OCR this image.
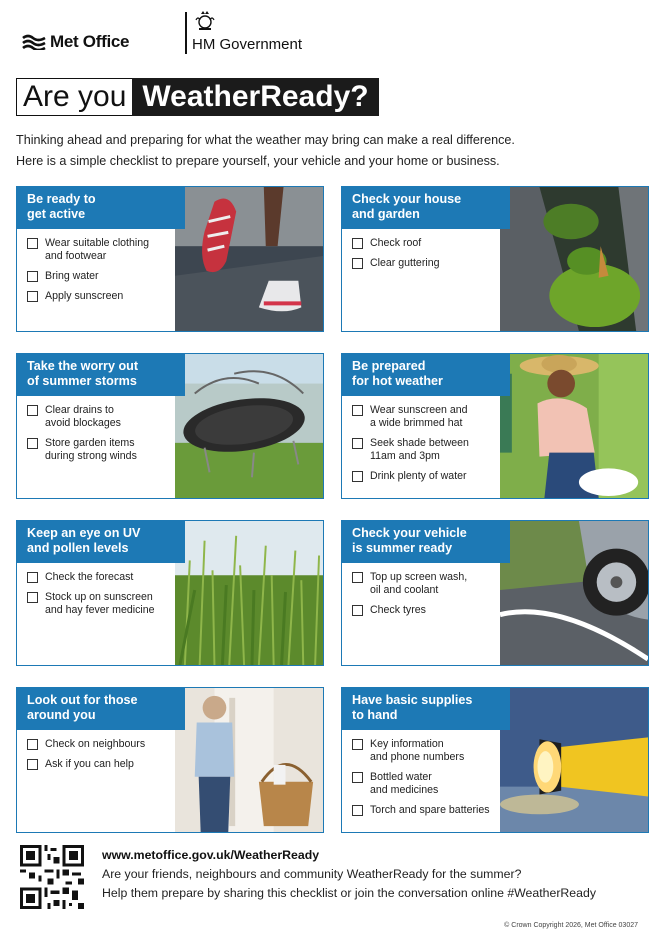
Met Office	HM Government
Are you WeatherReady?
Thinking ahead and preparing for what the weather may bring can make a real difference.
Here is a simple checklist to prepare yourself, your vehicle and your home or business.
Be ready to
get active
Wear suitable clothing
and footwear
Bring water
Apply sunscreen
Check your house
and garden
Check roof
Clear guttering
Take the worry out
of summer storms
Clear drains to
avoid blockages
Store garden items
during strong winds
Be prepared
for hot weather
Wear sunscreen and
a wide brimmed hat
Seek shade between
11am and 3pm
Drink plenty of water
Keep an eye on UV
and pollen levels
Check the forecast
Stock up on sunscreen
and hay fever medicine
Check your vehicle
is summer ready
Top up screen wash,
oil and coolant
Check tyres
Look out for those
around you
Check on neighbours
Ask if you can help
Have basic supplies
to hand
Key information
and phone numbers
Bottled water
and medicines
Torch and spare batteries
www.metoffice.gov.uk/WeatherReady
Are your friends, neighbours and community WeatherReady for the summer?
Help them prepare by sharing this checklist or join the conversation online #WeatherReady
© Crown Copyright 2026, Met Office 03027
